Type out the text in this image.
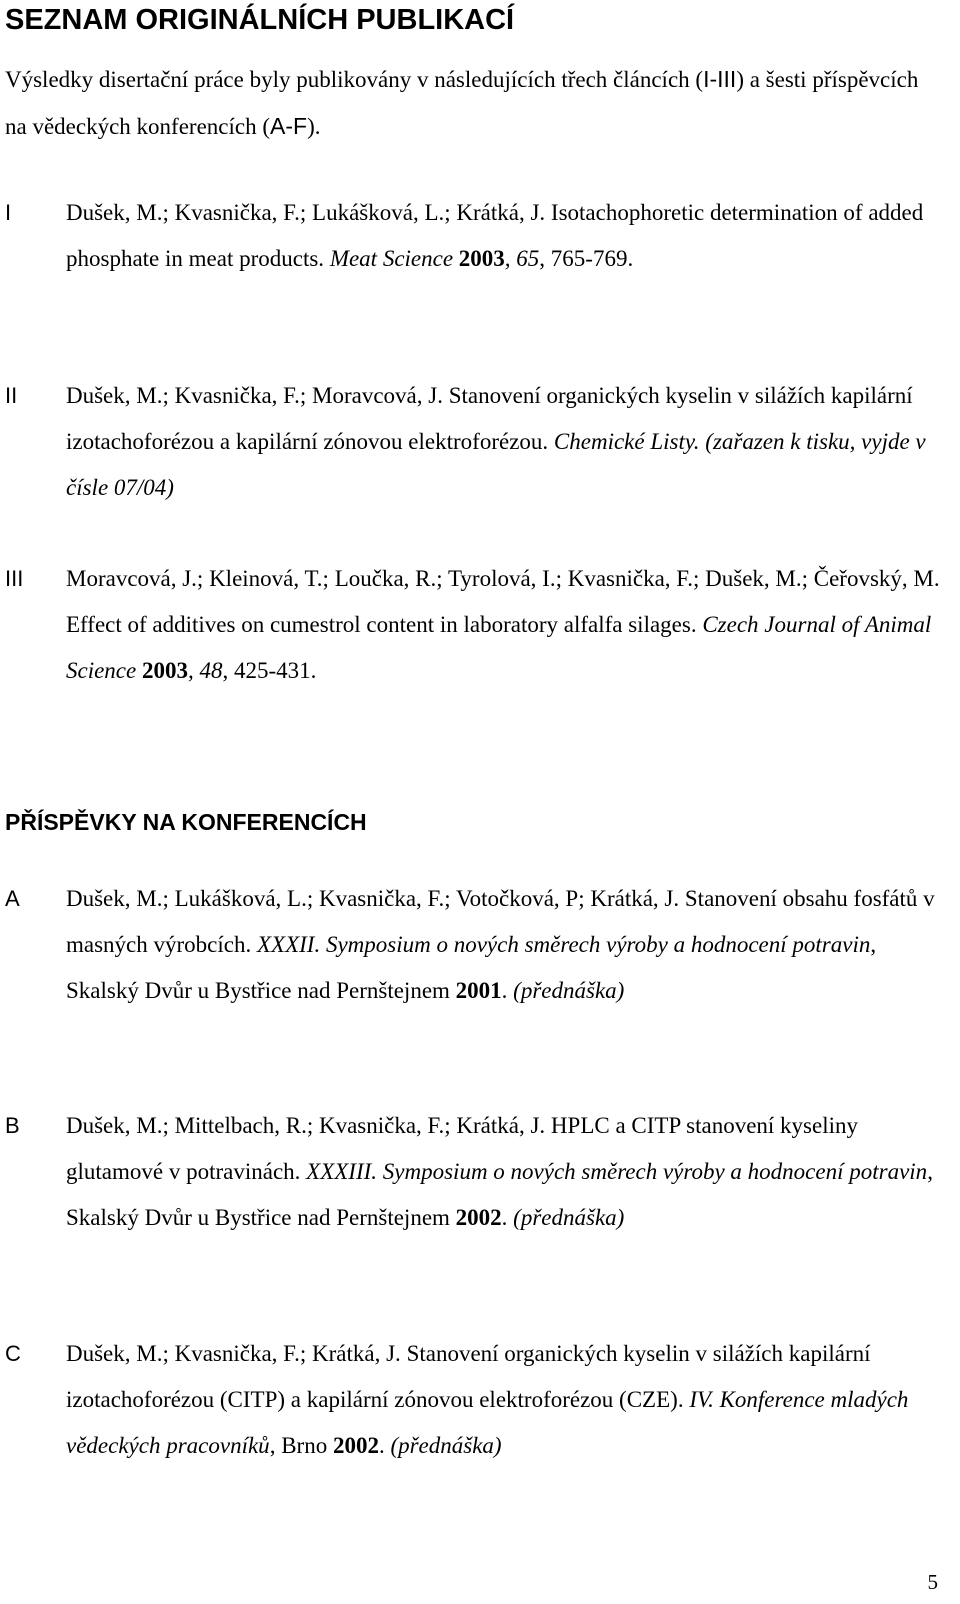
SEZNAM ORIGINÁLNÍCH PUBLIKACÍ

Výsledky disertační práce byly publikovány v následujících třech článcích (I-III) a šesti příspěvcích na vědeckých konferencích (A-F).

I Dušek, M.; Kvasnička, F.; Lukášková, L.; Krátká, J. Isotachophoretic determination of added phosphate in meat products. Meat Science 2003, 65, 765-769.

II Dušek, M.; Kvasnička, F.; Moravcová, J. Stanovení organických kyselin v silážích kapilární izotachoforézou a kapilární zónovou elektroforézou. Chemické Listy. (zařazen k tisku, vyjde v čísle 07/04)

III Moravcová, J.; Kleinová, T.; Loučka, R.; Tyrolová, I.; Kvasnička, F.; Dušek, M.; Čeřovský, M. Effect of additives on cumestrol content in laboratory alfalfa silages. Czech Journal of Animal Science 2003, 48, 425-431.

PŘÍSPĚVKY NA KONFERENCÍCH
A Dušek, M.; Lukášková, L.; Kvasnička, F.; Votočková, P; Krátká, J. Stanovení obsahu fosfátů v masných výrobcích. XXXII. Symposium o nových směrech výroby a hodnocení potravin, Skalský Dvůr u Bystřice nad Pernštejnem 2001. (přednáška)

B Dušek, M.; Mittelbach, R.; Kvasnička, F.; Krátká, J. HPLC a CITP stanovení kyseliny glutamové v potravinách. XXXIII. Symposium o nových směrech výroby a hodnocení potravin, Skalský Dvůr u Bystřice nad Pernštejnem 2002. (přednáška)

C Dušek, M.; Kvasnička, F.; Krátká, J. Stanovení organických kyselin v silážích kapilární izotachoforézou (CITP) a kapilární zónovou elektroforézou (CZE). IV. Konference mladých vědeckých pracovníků, Brno 2002. (přednáška)

5
